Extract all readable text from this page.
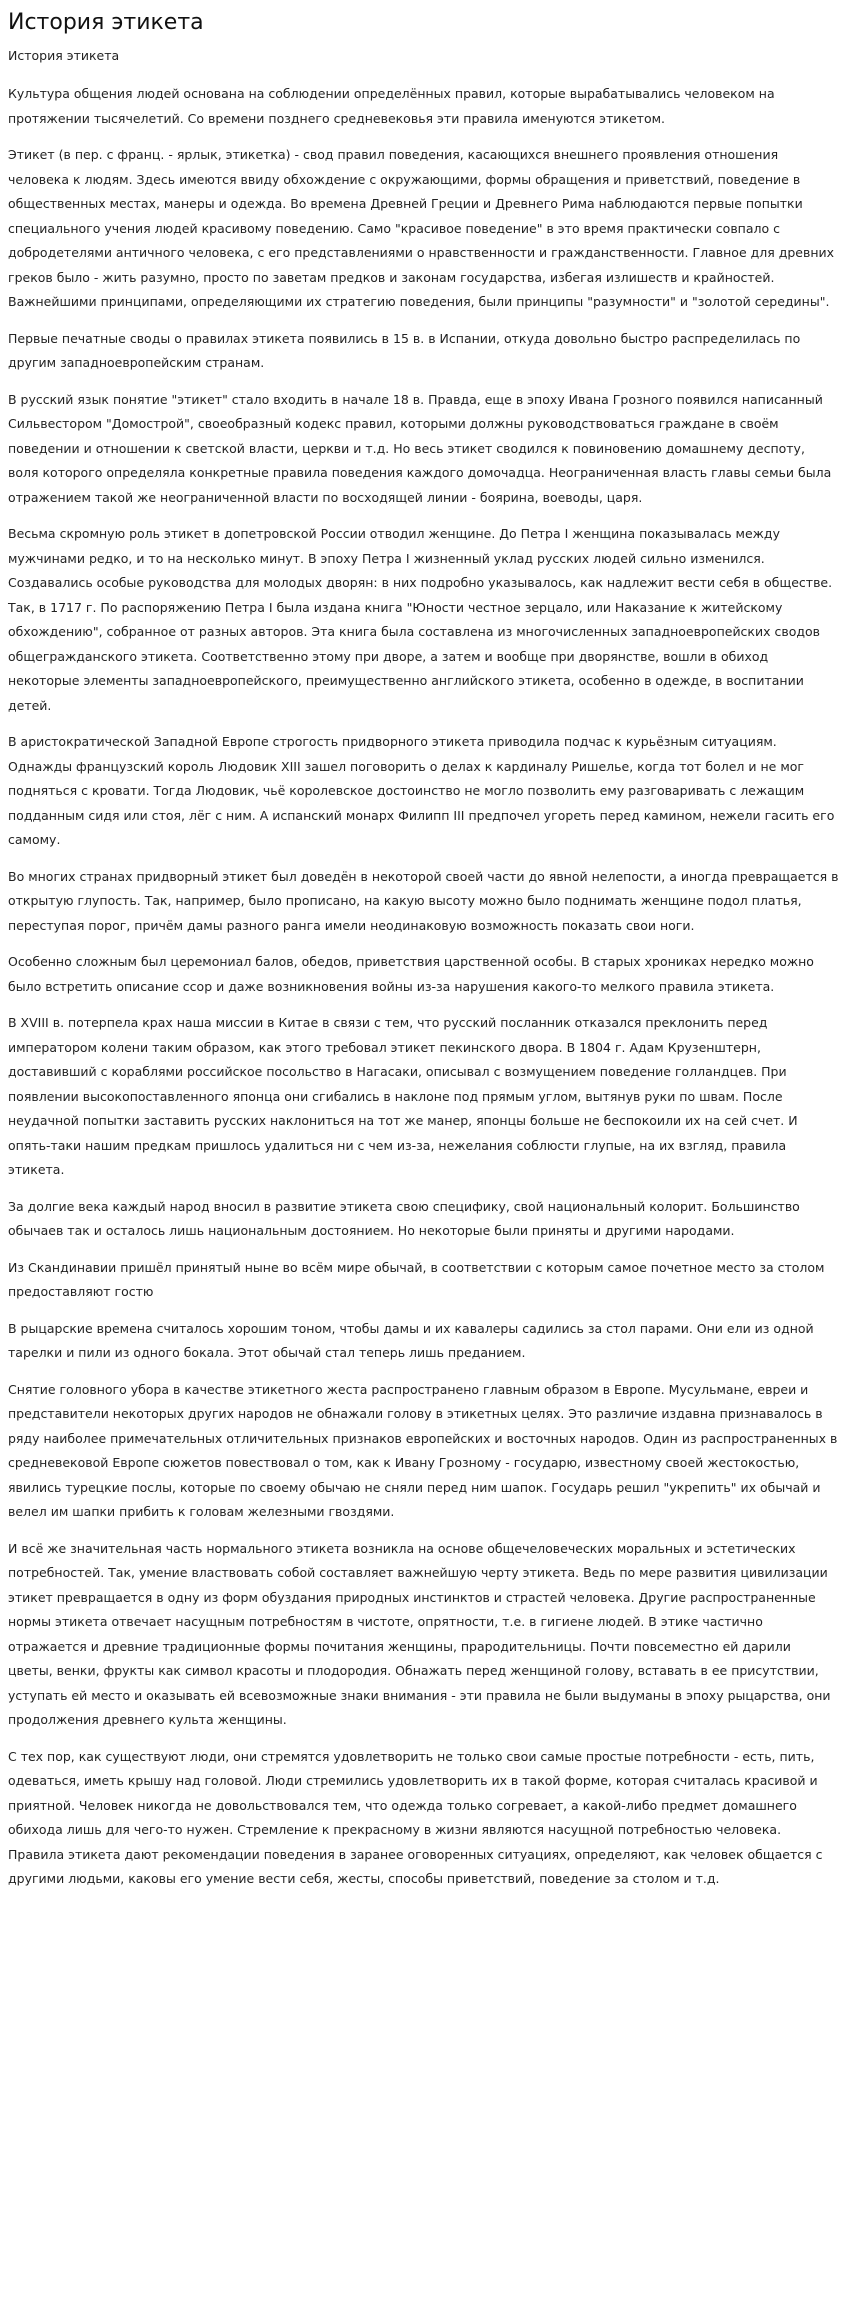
История этикета
История этикета

Культура общения людей основана на соблюдении определённых правил, которые вырабатывались человеком на протяжении тысячелетий. Со времени позднего средневековья эти правила именуются этикетом.

Этикет (в пер. с франц. - ярлык, этикетка) - свод правил поведения, касающихся внешнего проявления отношения человека к людям. Здесь имеются ввиду обхождение с окружающими, формы обращения и приветствий, поведение в общественных местах, манеры и одежда. Во времена Древней Греции и Древнего Рима наблюдаются первые попытки специального учения людей красивому поведению. Само "красивое поведение" в это время практически совпало с добродетелями античного человека, с его представлениями о нравственности и гражданственности. Главное для древних греков было - жить разумно, просто по заветам предков и законам государства, избегая излишеств и крайностей. Важнейшими принципами, определяющими их стратегию поведения, были принципы "разумности" и "золотой середины".

Первые печатные своды о правилах этикета появились в 15 в. в Испании, откуда довольно быстро распределилась по другим западноевропейским странам.

В русский язык понятие "этикет" стало входить в начале 18 в. Правда, еще в эпоху Ивана Грозного появился написанный Сильвестором "Домострой", своеобразный кодекс правил, которыми должны руководствоваться граждане в своём поведении и отношении к светской власти, церкви и т.д. Но весь этикет сводился к повиновению домашнему деспоту, воля которого определяла конкретные правила поведения каждого домочадца. Неограниченная власть главы семьи была отражением такой же неограниченной власти по восходящей линии - боярина, воеводы, царя.

Весьма скромную роль этикет в допетровской России отводил женщине. До Петра I женщина показывалась между мужчинами редко, и то на несколько минут. В эпоху Петра I жизненный уклад русских людей сильно изменился. Создавались особые руководства для молодых дворян: в них подробно указывалось, как надлежит вести себя в обществе. Так, в 1717 г. По распоряжению Петра I была издана книга "Юности честное зерцало, или Наказание к житейскому обхождению", собранное от разных авторов. Эта книга была составлена из многочисленных западноевропейских сводов общегражданского этикета. Соответственно этому при дворе, а затем и вообще при дворянстве, вошли в обиход некоторые элементы западноевропейского, преимущественно английского этикета, особенно в одежде, в воспитании детей.

В аристократической Западной Европе строгость придворного этикета приводила подчас к курьёзным ситуациям. Однажды французский король Людовик XIII зашел поговорить о делах к кардиналу Ришелье, когда тот болел и не мог подняться с кровати. Тогда Людовик, чьё королевское достоинство не могло позволить ему разговаривать с лежащим подданным сидя или стоя, лёг с ним. А испанский монарх Филипп III предпочел угореть перед камином, нежели гасить его самому.

Во многих странах придворный этикет был доведён в некоторой своей части до явной нелепости, а иногда превращается в открытую глупость. Так, например, было прописано, на какую высоту можно было поднимать женщине подол платья, переступая порог, причём дамы разного ранга имели неодинаковую возможность показать свои ноги.

Особенно сложным был церемониал балов, обедов, приветствия царственной особы. В старых хрониках нередко можно было встретить описание ссор и даже возникновения войны из-за нарушения какого-то мелкого правила этикета.

В XVIII в. потерпела крах наша миссии в Китае в связи с тем, что русский посланник отказался преклонить перед императором колени таким образом, как этого требовал этикет пекинского двора. В 1804 г. Адам Крузенштерн, доставивший с кораблями российское посольство в Нагасаки, описывал с возмущением поведение голландцев. При появлении высокопоставленного японца они сгибались в наклоне под прямым углом, вытянув руки по швам. После неудачной попытки заставить русских наклониться на тот же манер, японцы больше не беспокоили их на сей счет. И опять-таки нашим предкам пришлось удалиться ни с чем из-за, нежелания соблюсти глупые, на их взгляд, правила этикета.

За долгие века каждый народ вносил в развитие этикета свою специфику, свой национальный колорит. Большинство обычаев так и осталось лишь национальным достоянием. Но некоторые были приняты и другими народами.

Из Скандинавии пришёл принятый ныне во всём мире обычай, в соответствии с которым самое почетное место за столом предоставляют гостю

В рыцарские времена считалось хорошим тоном, чтобы дамы и их кавалеры садились за стол парами. Они ели из одной тарелки и пили из одного бокала. Этот обычай стал теперь лишь преданием.

Снятие головного убора в качестве этикетного жеста распространено главным образом в Европе. Мусульмане, евреи и представители некоторых других народов не обнажали голову в этикетных целях. Это различие издавна признавалось в ряду наиболее примечательных отличительных признаков европейских и восточных народов. Один из распространенных в средневековой Европе сюжетов повествовал о том, как к Ивану Грозному - государю, известному своей жестокостью, явились турецкие послы, которые по своему обычаю не сняли перед ним шапок. Государь решил "укрепить" их обычай и велел им шапки прибить к головам железными гвоздями.

И всё же значительная часть нормального этикета возникла на основе общечеловеческих моральных и эстетических потребностей. Так, умение властвовать собой составляет важнейшую черту этикета. Ведь по мере развития цивилизации этикет превращается в одну из форм обуздания природных инстинктов и страстей человека. Другие распространенные нормы этикета отвечает насущным потребностям в чистоте, опрятности, т.е. в гигиене людей. В этике частично отражается и древние традиционные формы почитания женщины, прародительницы. Почти повсеместно ей дарили цветы, венки, фрукты как символ красоты и плодородия. Обнажать перед женщиной голову, вставать в ее присутствии, уступать ей место и оказывать ей всевозможные знаки внимания - эти правила не были выдуманы в эпоху рыцарства, они продолжения древнего культа женщины.

С тех пор, как существуют люди, они стремятся удовлетворить не только свои самые простые потребности - есть, пить, одеваться, иметь крышу над головой. Люди стремились удовлетворить их в такой форме, которая считалась красивой и приятной. Человек никогда не довольствовался тем, что одежда только согревает, а какой-либо предмет домашнего обихода лишь для чего-то нужен. Стремление к прекрасному в жизни являются насущной потребностью человека. Правила этикета дают рекомендации поведения в заранее оговоренных ситуациях, определяют, как человек общается с другими людьми, каковы его умение вести себя, жесты, способы приветствий, поведение за столом и т.д.
